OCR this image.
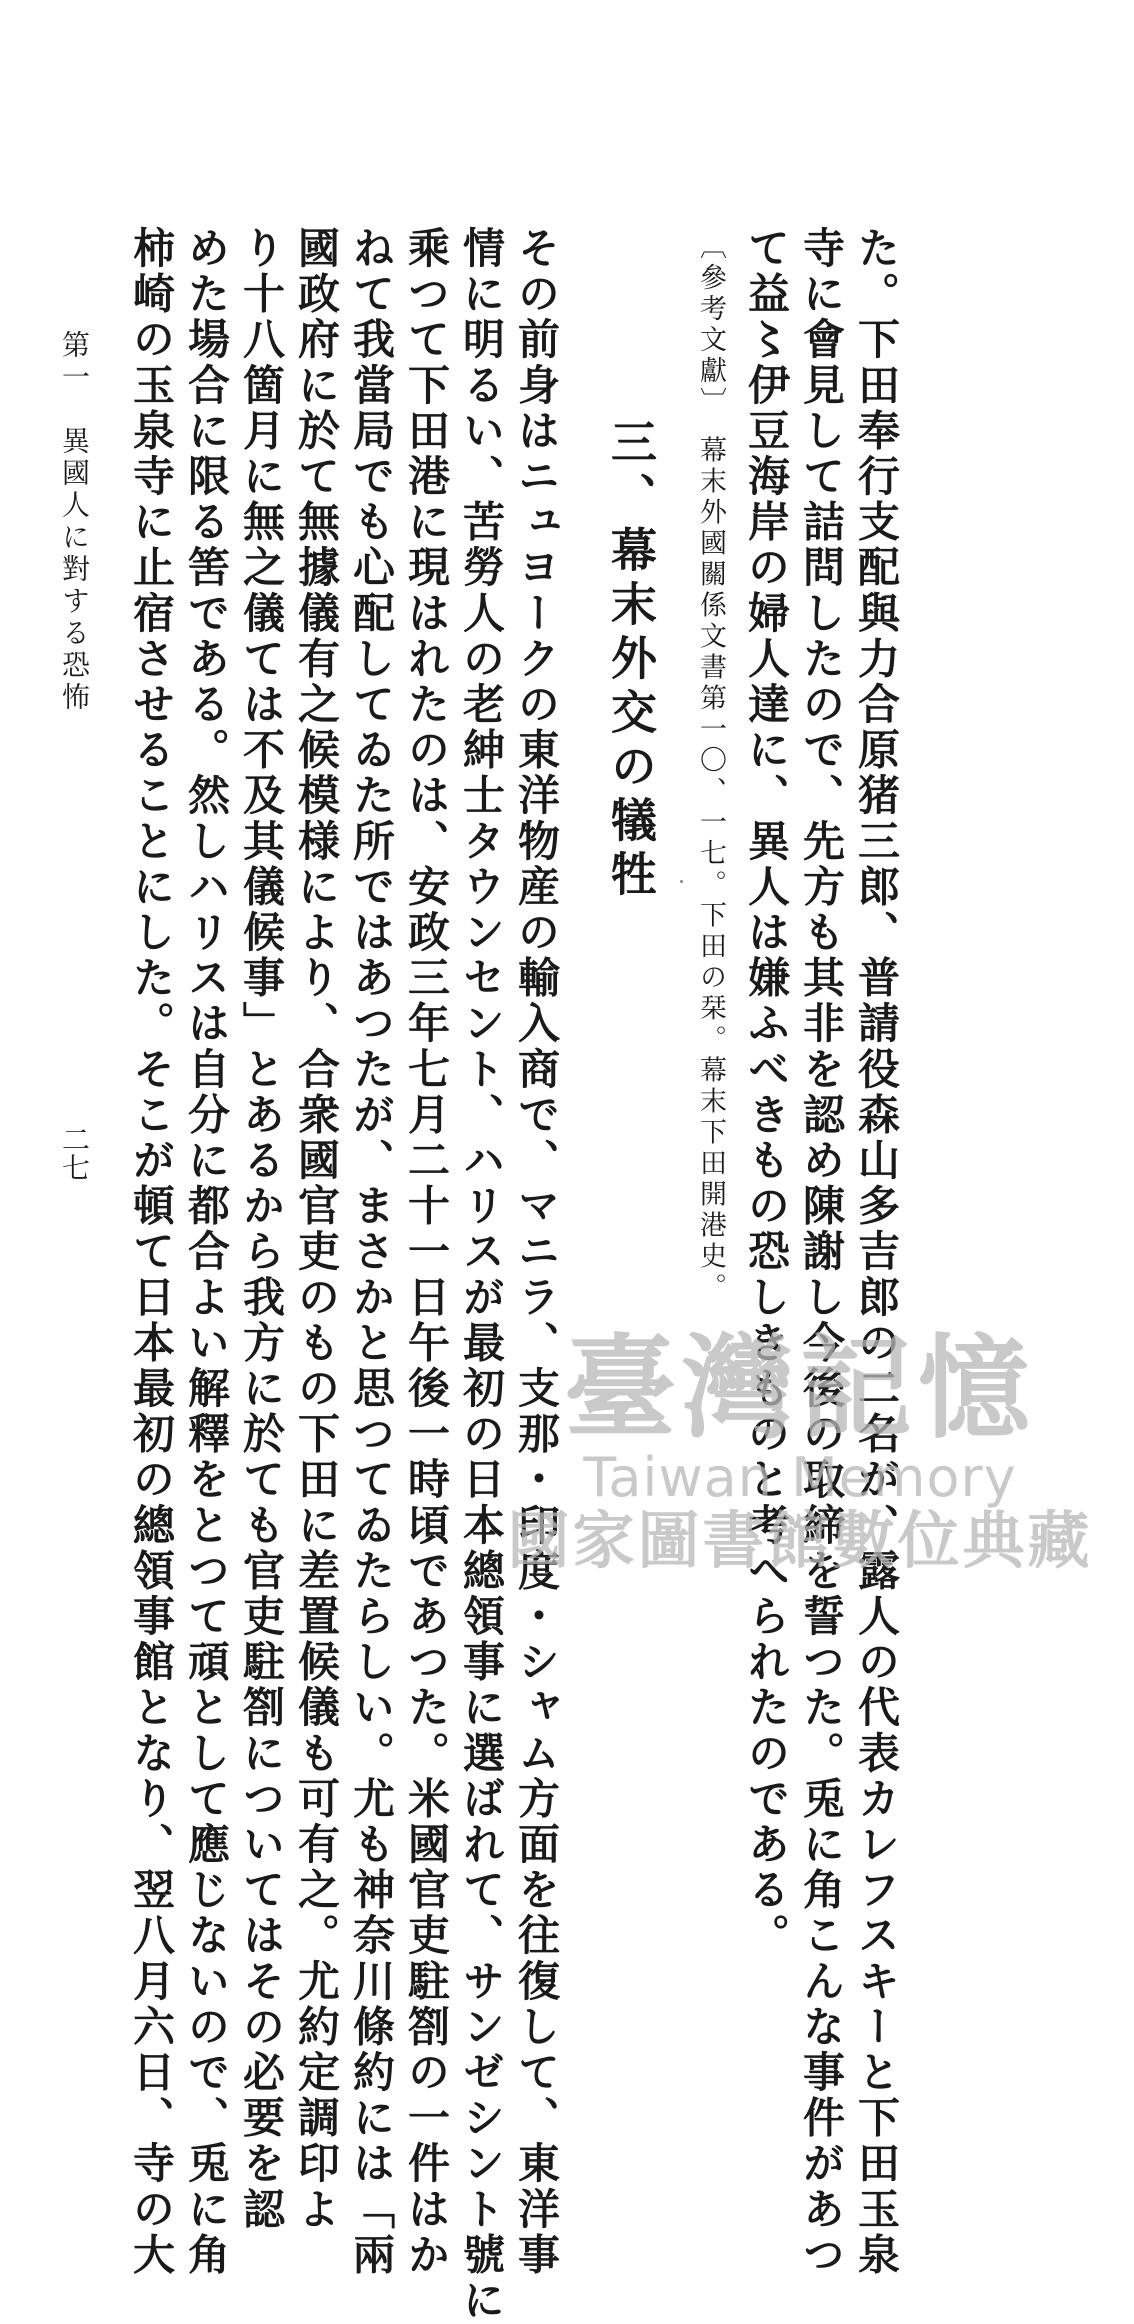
た。下田奉行支配與力合原猪三郎、普請役森山多吉郎の二名が、露人の代表カレフスキーと下田玉泉
寺に會見して詰問したので、先方も其非を認め陳謝し今後の取締を誓つた。兎に角こんな事件があつ
て益〻伊豆海岸の婦人達に、異人は嫌ふべきもの恐しきものと考へられたのである。
〔參考文獻〕　幕末外國關係文書第一〇、一七。下田の栞。幕末下田開港史。
三、幕末外交の犠牲
その前身はニュヨークの東洋物産の輸入商で、マニラ、支那・印度・シャム方面を往復して、東洋事
情に明るい、苦勞人の老紳士タウンセント、ハリスが最初の日本總領事に選ばれて、サンゼシント號に
乘つて下田港に現はれたのは、安政三年七月二十一日午後一時頃であつた。米國官吏駐劄の一件はか
ねて我當局でも心配してゐた所ではあつたが、まさかと思つてゐたらしい。尤も神奈川條約には「兩
國政府に於て無據儀有之候模様により、合衆國官吏のもの下田に差置候儀も可有之。尤約定調印よ
り十八箇月に無之儀ては不及其儀候事」とあるから我方に於ても官吏駐劄についてはその必要を認
めた場合に限る筈である。然しハリスは自分に都合よい解釋をとつて頑として應じないので、兎に角
柿崎の玉泉寺に止宿させることにした。そこが頓て日本最初の總領事館となり、翌八月六日、寺の大
第一　異國人に對する恐怖
二七
臺灣記憶
Taiwan Memory
國家圖書館數位典藏
